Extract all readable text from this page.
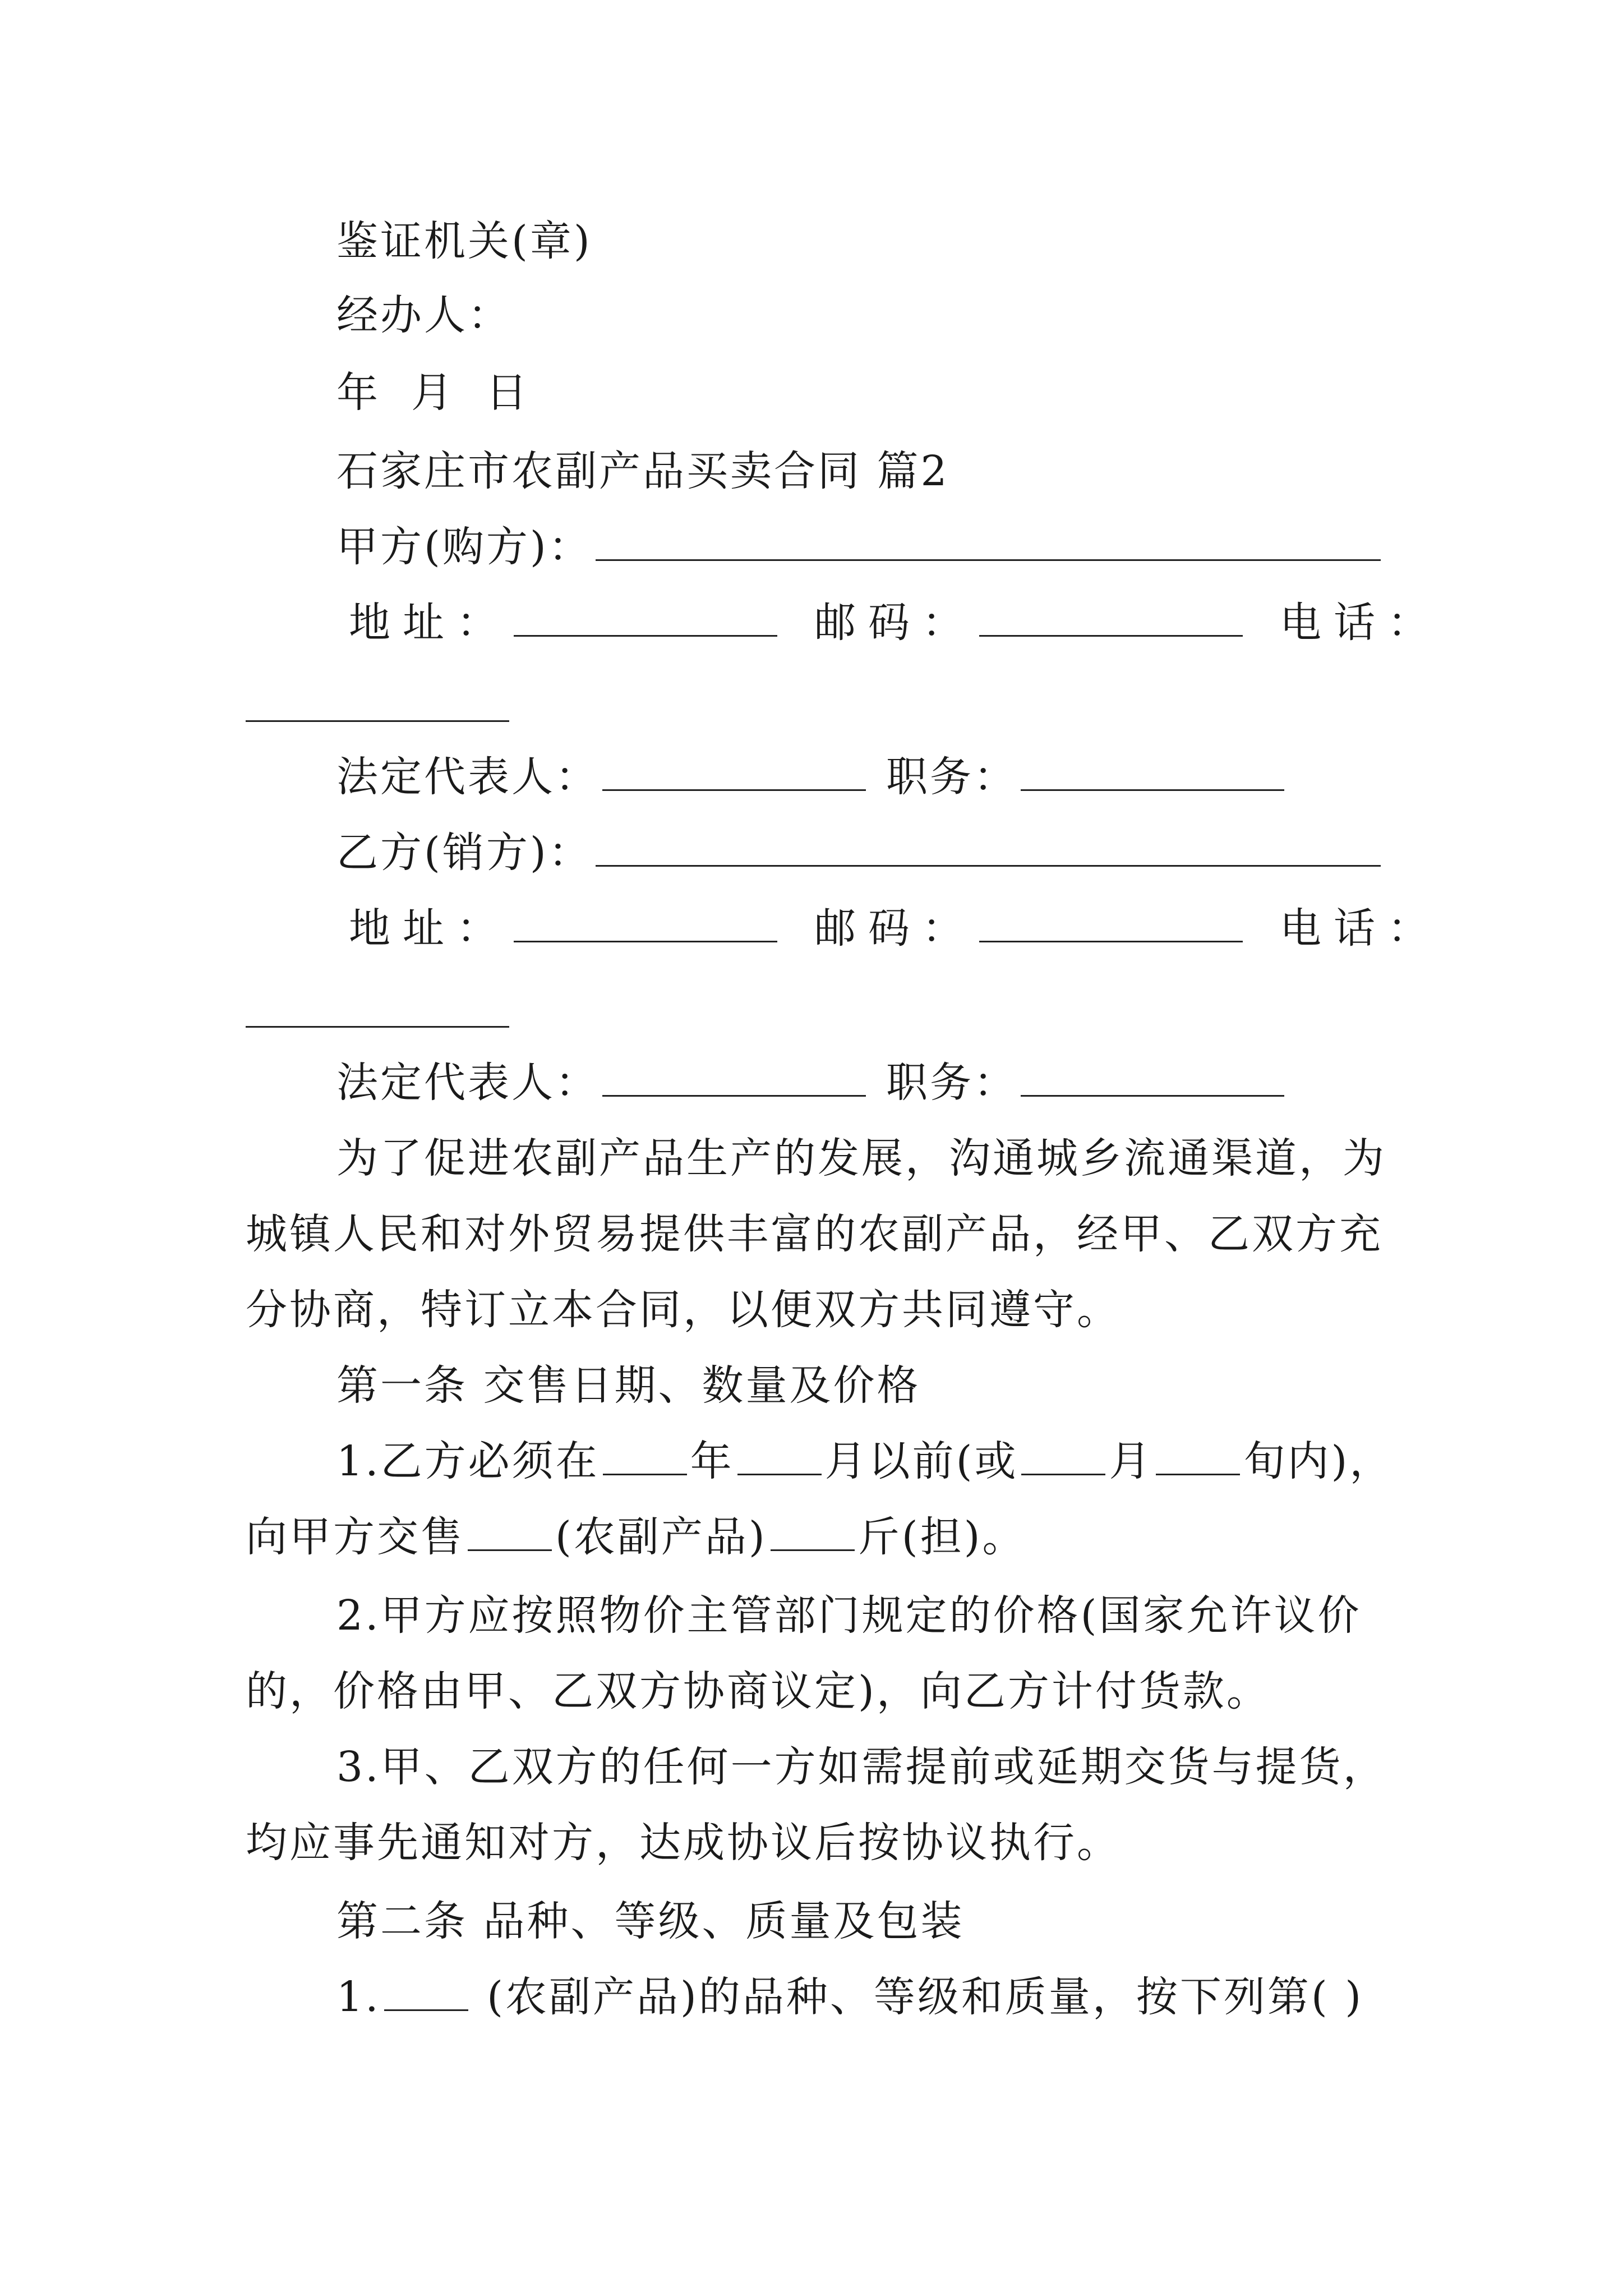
鉴证机关(章)
经办人：
年  月  日
石家庄市农副产品买卖合同 篇2
甲方(购方)：
地址：	邮码：	电话：
法定代表人：	职务：
乙方(销方)：
地址：	邮码：	电话：
法定代表人：	职务：
为了促进农副产品生产的发展，沟通城乡流通渠道，为
城镇人民和对外贸易提供丰富的农副产品，经甲、乙双方充
分协商，特订立本合同，以便双方共同遵守。
第一条 交售日期、数量及价格
1.乙方必须在 年 月以前(或 月 旬内)，
向甲方交售 (农副产品) 斤(担)。
2.甲方应按照物价主管部门规定的价格(国家允许议价
的，价格由甲、乙双方协商议定)，向乙方计付货款。
3.甲、乙双方的任何一方如需提前或延期交货与提货，
均应事先通知对方，达成协议后按协议执行。
第二条 品种、等级、质量及包装
1. (农副产品)的品种、等级和质量，按下列第( )
